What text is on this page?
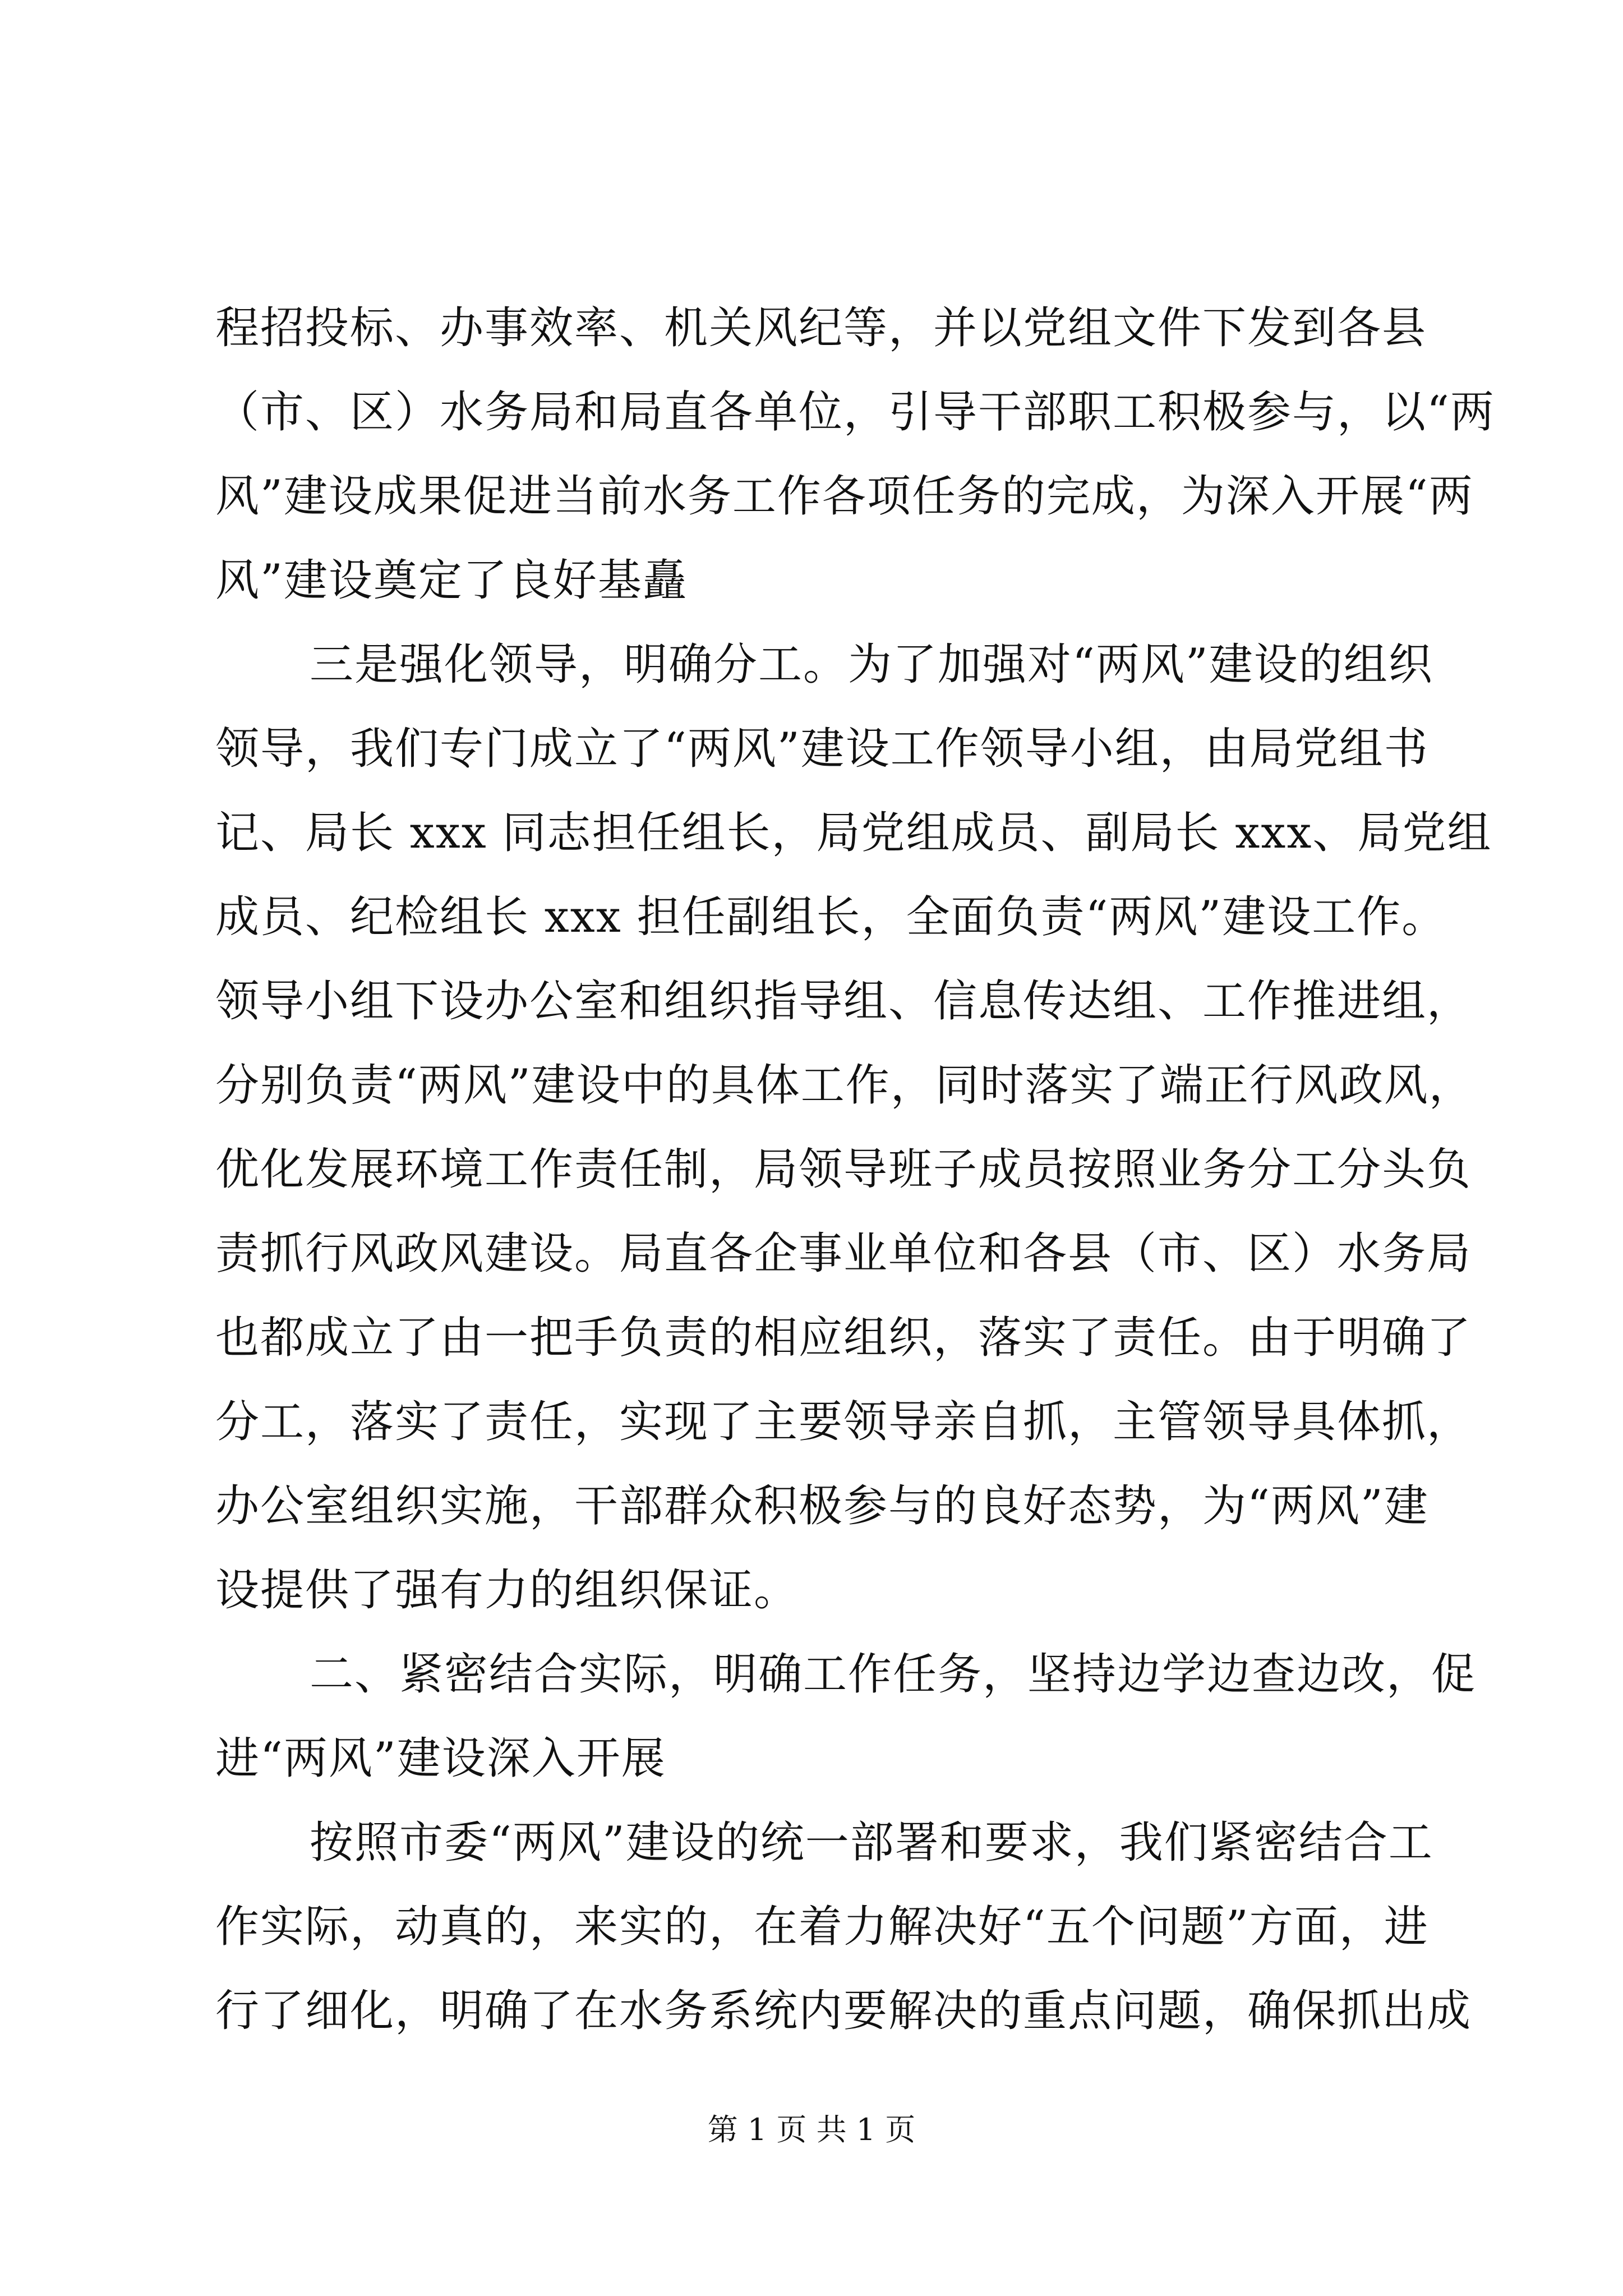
程招投标、办事效率、机关风纪等，并以党组文件下发到各县
（市、区）水务局和局直各单位，引导干部职工积极参与，以“两
风”建设成果促进当前水务工作各项任务的完成，为深入开展“两
风”建设奠定了良好基矗
三是强化领导，明确分工。为了加强对“两风”建设的组织
领导，我们专门成立了“两风”建设工作领导小组，由局党组书
记、局长 xxx 同志担任组长，局党组成员、副局长 xxx、局党组
成员、纪检组长 xxx 担任副组长，全面负责“两风”建设工作。
领导小组下设办公室和组织指导组、信息传达组、工作推进组，
分别负责“两风”建设中的具体工作，同时落实了端正行风政风，
优化发展环境工作责任制，局领导班子成员按照业务分工分头负
责抓行风政风建设。局直各企事业单位和各县（市、区）水务局
也都成立了由一把手负责的相应组织，落实了责任。由于明确了
分工，落实了责任，实现了主要领导亲自抓，主管领导具体抓，
办公室组织实施，干部群众积极参与的良好态势，为“两风”建
设提供了强有力的组织保证。
二、紧密结合实际，明确工作任务，坚持边学边查边改，促
进“两风”建设深入开展
按照市委“两风”建设的统一部署和要求，我们紧密结合工
作实际，动真的，来实的，在着力解决好“五个问题”方面，进
行了细化，明确了在水务系统内要解决的重点问题，确保抓出成
第 1 页 共 1 页
